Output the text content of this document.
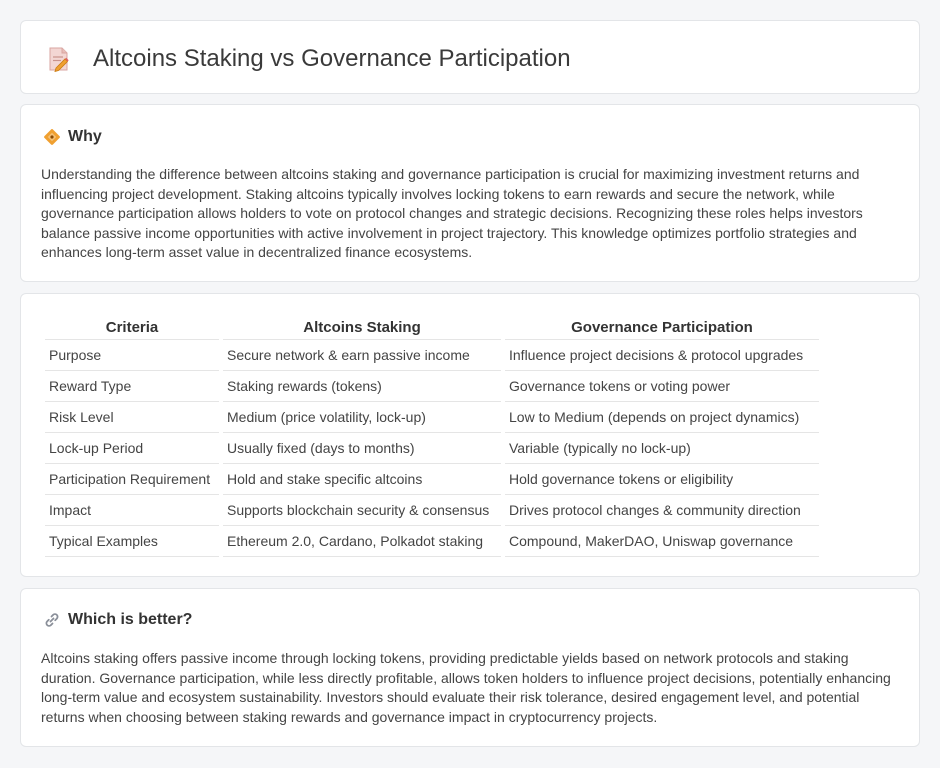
Altcoins Staking vs Governance Participation
Why

Understanding the difference between altcoins staking and governance participation is crucial for maximizing investment returns and influencing project development. Staking altcoins typically involves locking tokens to earn rewards and secure the network, while governance participation allows holders to vote on protocol changes and strategic decisions. Recognizing these roles helps investors balance passive income opportunities with active involvement in project trajectory. This knowledge optimizes portfolio strategies and enhances long-term asset value in decentralized finance ecosystems.

Criteria	Altcoins Staking	Governance Participation
Purpose	Secure network & earn passive income	Influence project decisions & protocol upgrades
Reward Type	Staking rewards (tokens)	Governance tokens or voting power
Risk Level	Medium (price volatility, lock-up)	Low to Medium (depends on project dynamics)
Lock-up Period	Usually fixed (days to months)	Variable (typically no lock-up)
Participation Requirement	Hold and stake specific altcoins	Hold governance tokens or eligibility
Impact	Supports blockchain security & consensus	Drives protocol changes & community direction
Typical Examples	Ethereum 2.0, Cardano, Polkadot staking	Compound, MakerDAO, Uniswap governance
Which is better?

Altcoins staking offers passive income through locking tokens, providing predictable yields based on network protocols and staking duration. Governance participation, while less directly profitable, allows token holders to influence project decisions, potentially enhancing long-term value and ecosystem sustainability. Investors should evaluate their risk tolerance, desired engagement level, and potential returns when choosing between staking rewards and governance impact in cryptocurrency projects.
